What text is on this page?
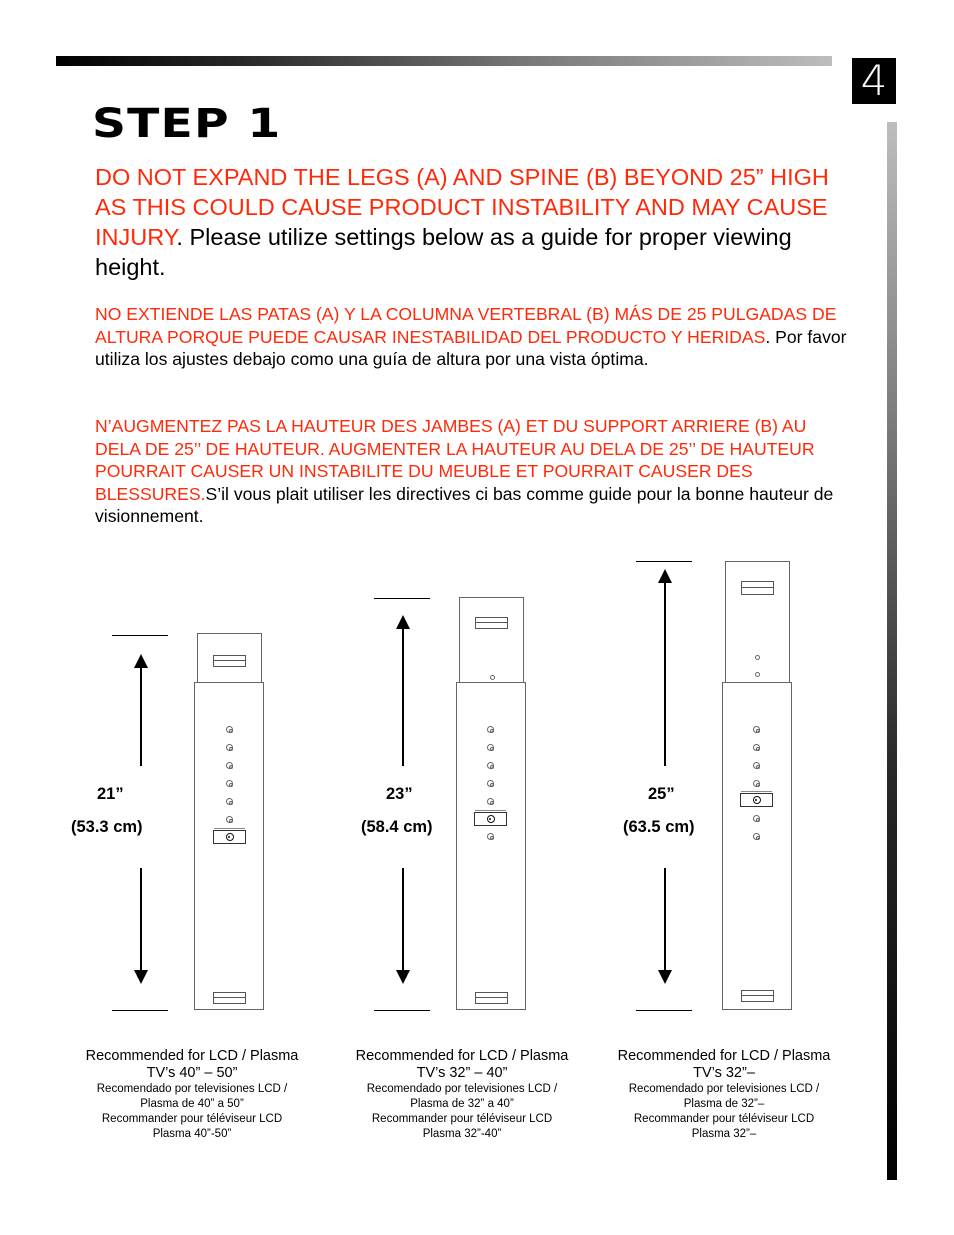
4
STEP 1
DO NOT EXPAND THE LEGS (A) AND SPINE (B) BEYOND 25” HIGH AS THIS COULD CAUSE PRODUCT INSTABILITY AND MAY CAUSE INJURY. Please utilize settings below as a guide for proper viewing height.
NO EXTIENDE LAS PATAS (A) Y LA COLUMNA VERTEBRAL (B) MÁS DE 25 PULGADAS DE ALTURA PORQUE PUEDE CAUSAR INESTABILIDAD DEL PRODUCTO Y HERIDAS. Por favor utiliza los ajustes debajo como una guía de altura por una vista óptima.
N’AUGMENTEZ PAS LA HAUTEUR DES JAMBES (A) ET DU SUPPORT ARRIERE (B) AU DELA DE 25’’ DE HAUTEUR. AUGMENTER LA HAUTEUR AU DELA DE 25’’ DE HAUTEUR POURRAIT CAUSER UN INSTABILITE DU MEUBLE ET POURRAIT CAUSER DES BLESSURES.S’il vous plait utiliser les directives ci bas comme guide pour la bonne hauteur de visionnement.
21”
(53.3 cm)
Recommended for LCD / Plasma
TV’s 40” – 50”
Recomendado por televisiones LCD /
Plasma de 40” a 50”
Recommander pour téléviseur LCD
Plasma 40”-50”
23”
(58.4 cm)
Recommended for LCD / Plasma
TV’s 32” – 40”
Recomendado por televisiones LCD /
Plasma de 32” a 40”
Recommander pour téléviseur LCD
Plasma 32”-40”
25”
(63.5 cm)
Recommended for LCD / Plasma
TV’s 32”–
Recomendado por televisiones LCD /
Plasma de 32”–
Recommander pour téléviseur LCD
Plasma 32”–
